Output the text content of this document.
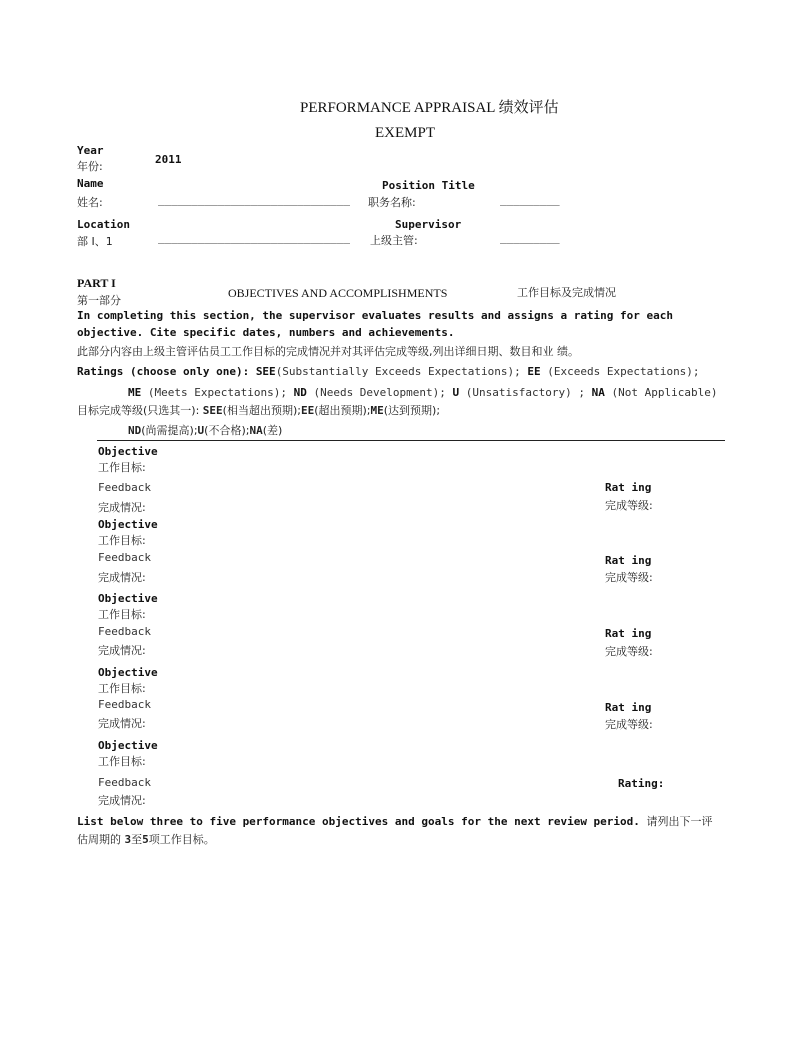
PERFORMANCE APPRAISAL 绩效评估
EXEMPT
Year
年份:
2011
Name	Position Title
姓名:	_____________________________ 职务名称:	_________
Location	Supervisor
部 I、1	_____________________________ 上级主管:	_________
PART I
第一部分
OBJECTIVES AND ACCOMPLISHMENTS	工作目标及完成情况
In completing this section, the supervisor evaluates results and assigns a rating for each
objective. Cite specific dates, numbers and achievements.
此部分内容由上级主管评估员工工作目标的完成情况并对其评估完成等级,列出详细日期、数目和业 绩。
Ratings (choose only one): SEE(Substantially Exceeds Expectations); EE (Exceeds Expectations);
ME (Meets Expectations); ND (Needs Development); U (Unsatisfactory) ; NA (Not Applicable)
目标完成等级(只选其一): SEE(相当超出预期);EE(超出预期);ME(达到预期);
ND(尚需提高);U(不合格);NA(差)
Objective
工作目标:
Feedback
完成情况:
Rat ing
完成等级:
Objective
工作目标:
Feedback
完成情况:
Rat ing
完成等级:
Objective
工作目标:
Feedback
完成情况:
Rat ing
完成等级:
Objective
工作目标:
Feedback
完成情况:
Rat ing
完成等级:
Objective
工作目标:
Feedback
完成情况:
Rating:
List below three to five performance objectives and goals for the next review period. 请列出下一评
估周期的 3至5项工作目标。
